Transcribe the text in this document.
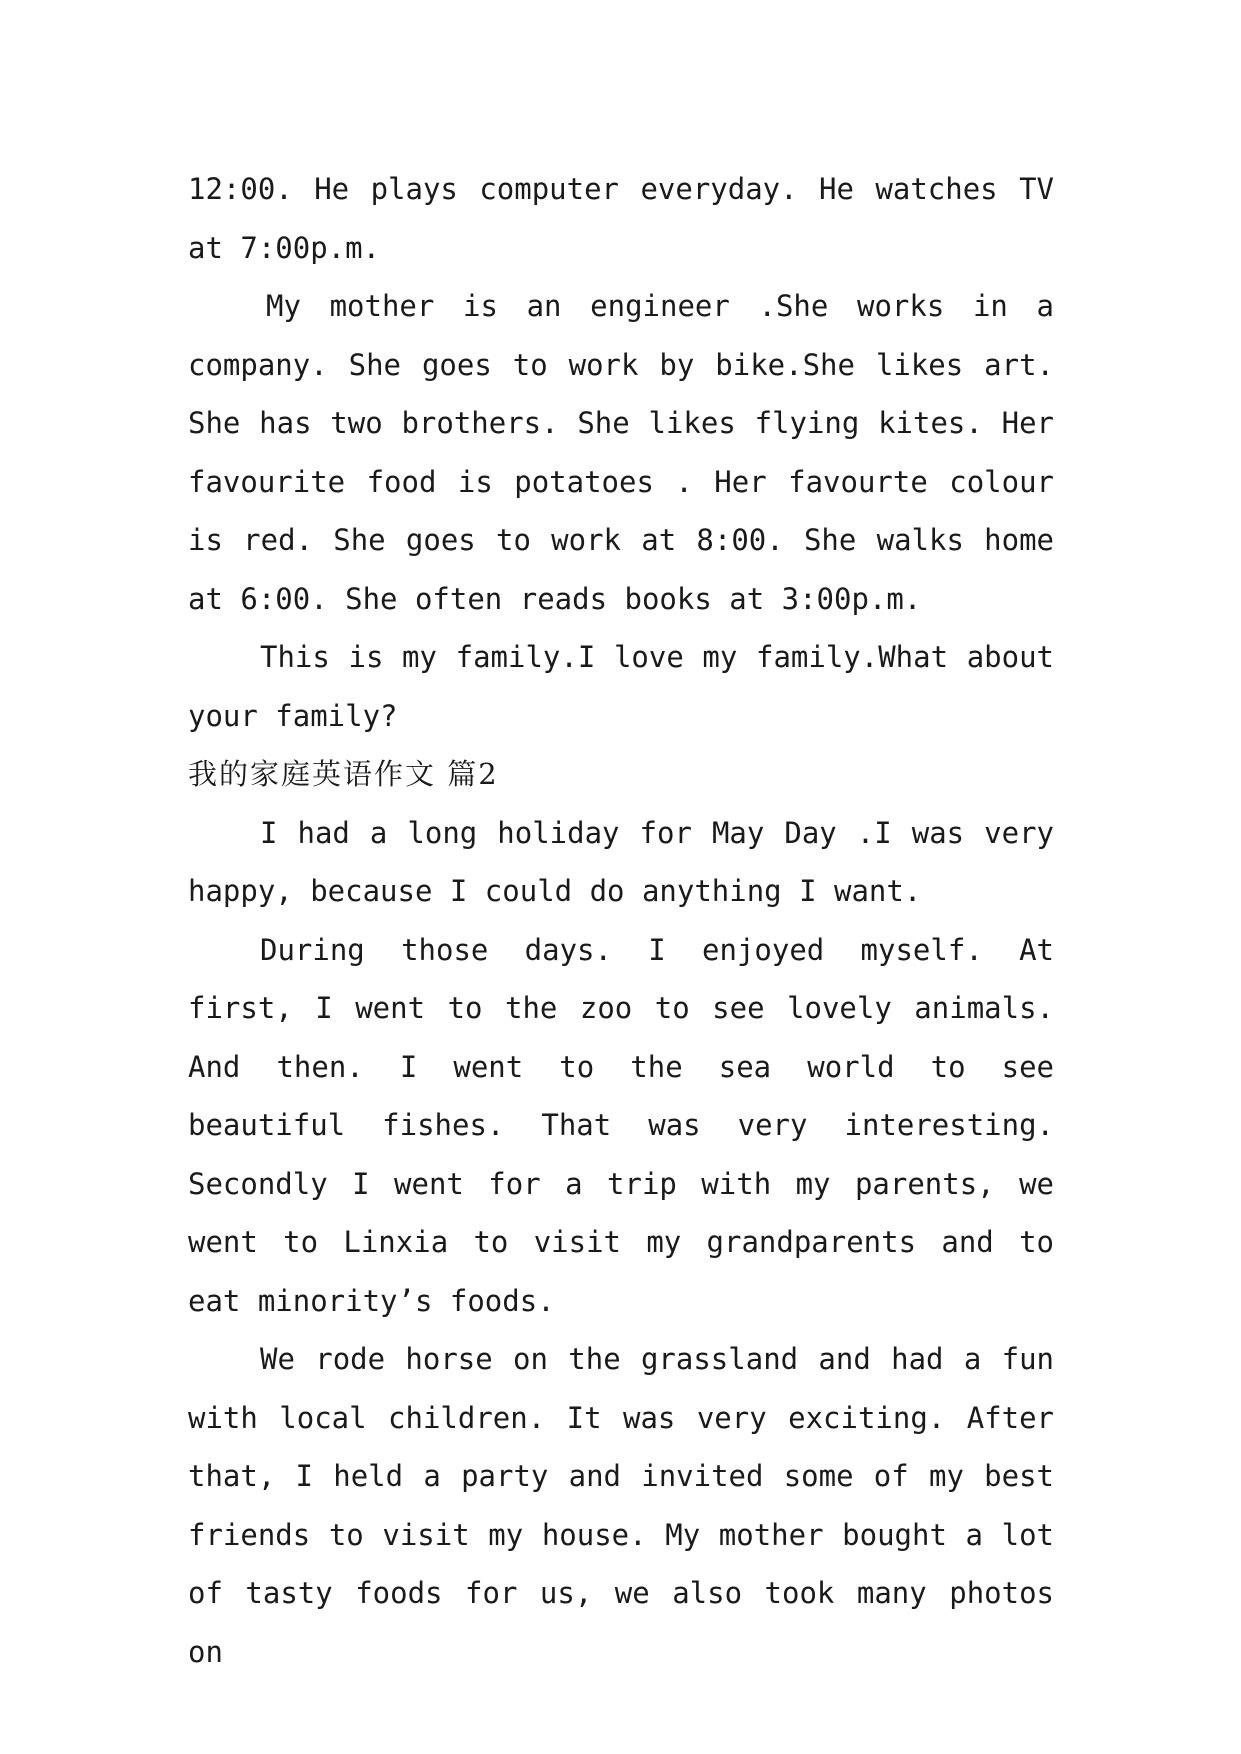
12:00. He plays computer everyday. He watches TV at 7:00p.m.

My mother is an engineer .She works in a company. She goes to work by bike.She likes art. She has two brothers. She likes flying kites. Her favourite food is potatoes . Her favourte colour is red. She goes to work at 8:00. She walks home at 6:00. She often reads books at 3:00p.m.

This is my family.I love my family.What about your family?

我的家庭英语作文 篇2

I had a long holiday for May Day .I was very happy, because I could do anything I want.

During those days. I enjoyed myself. At first, I went to the zoo to see lovely animals. And then. I went to the sea world to see beautiful fishes. That was very interesting. Secondly I went for a trip with my parents, we went to Linxia to visit my grandparents and to eat minority’s foods.

We rode horse on the grassland and had a fun with local children. It was very exciting. After that, I held a party and invited some of my best friends to visit my house. My mother bought a lot of tasty foods for us, we also took many photos on
